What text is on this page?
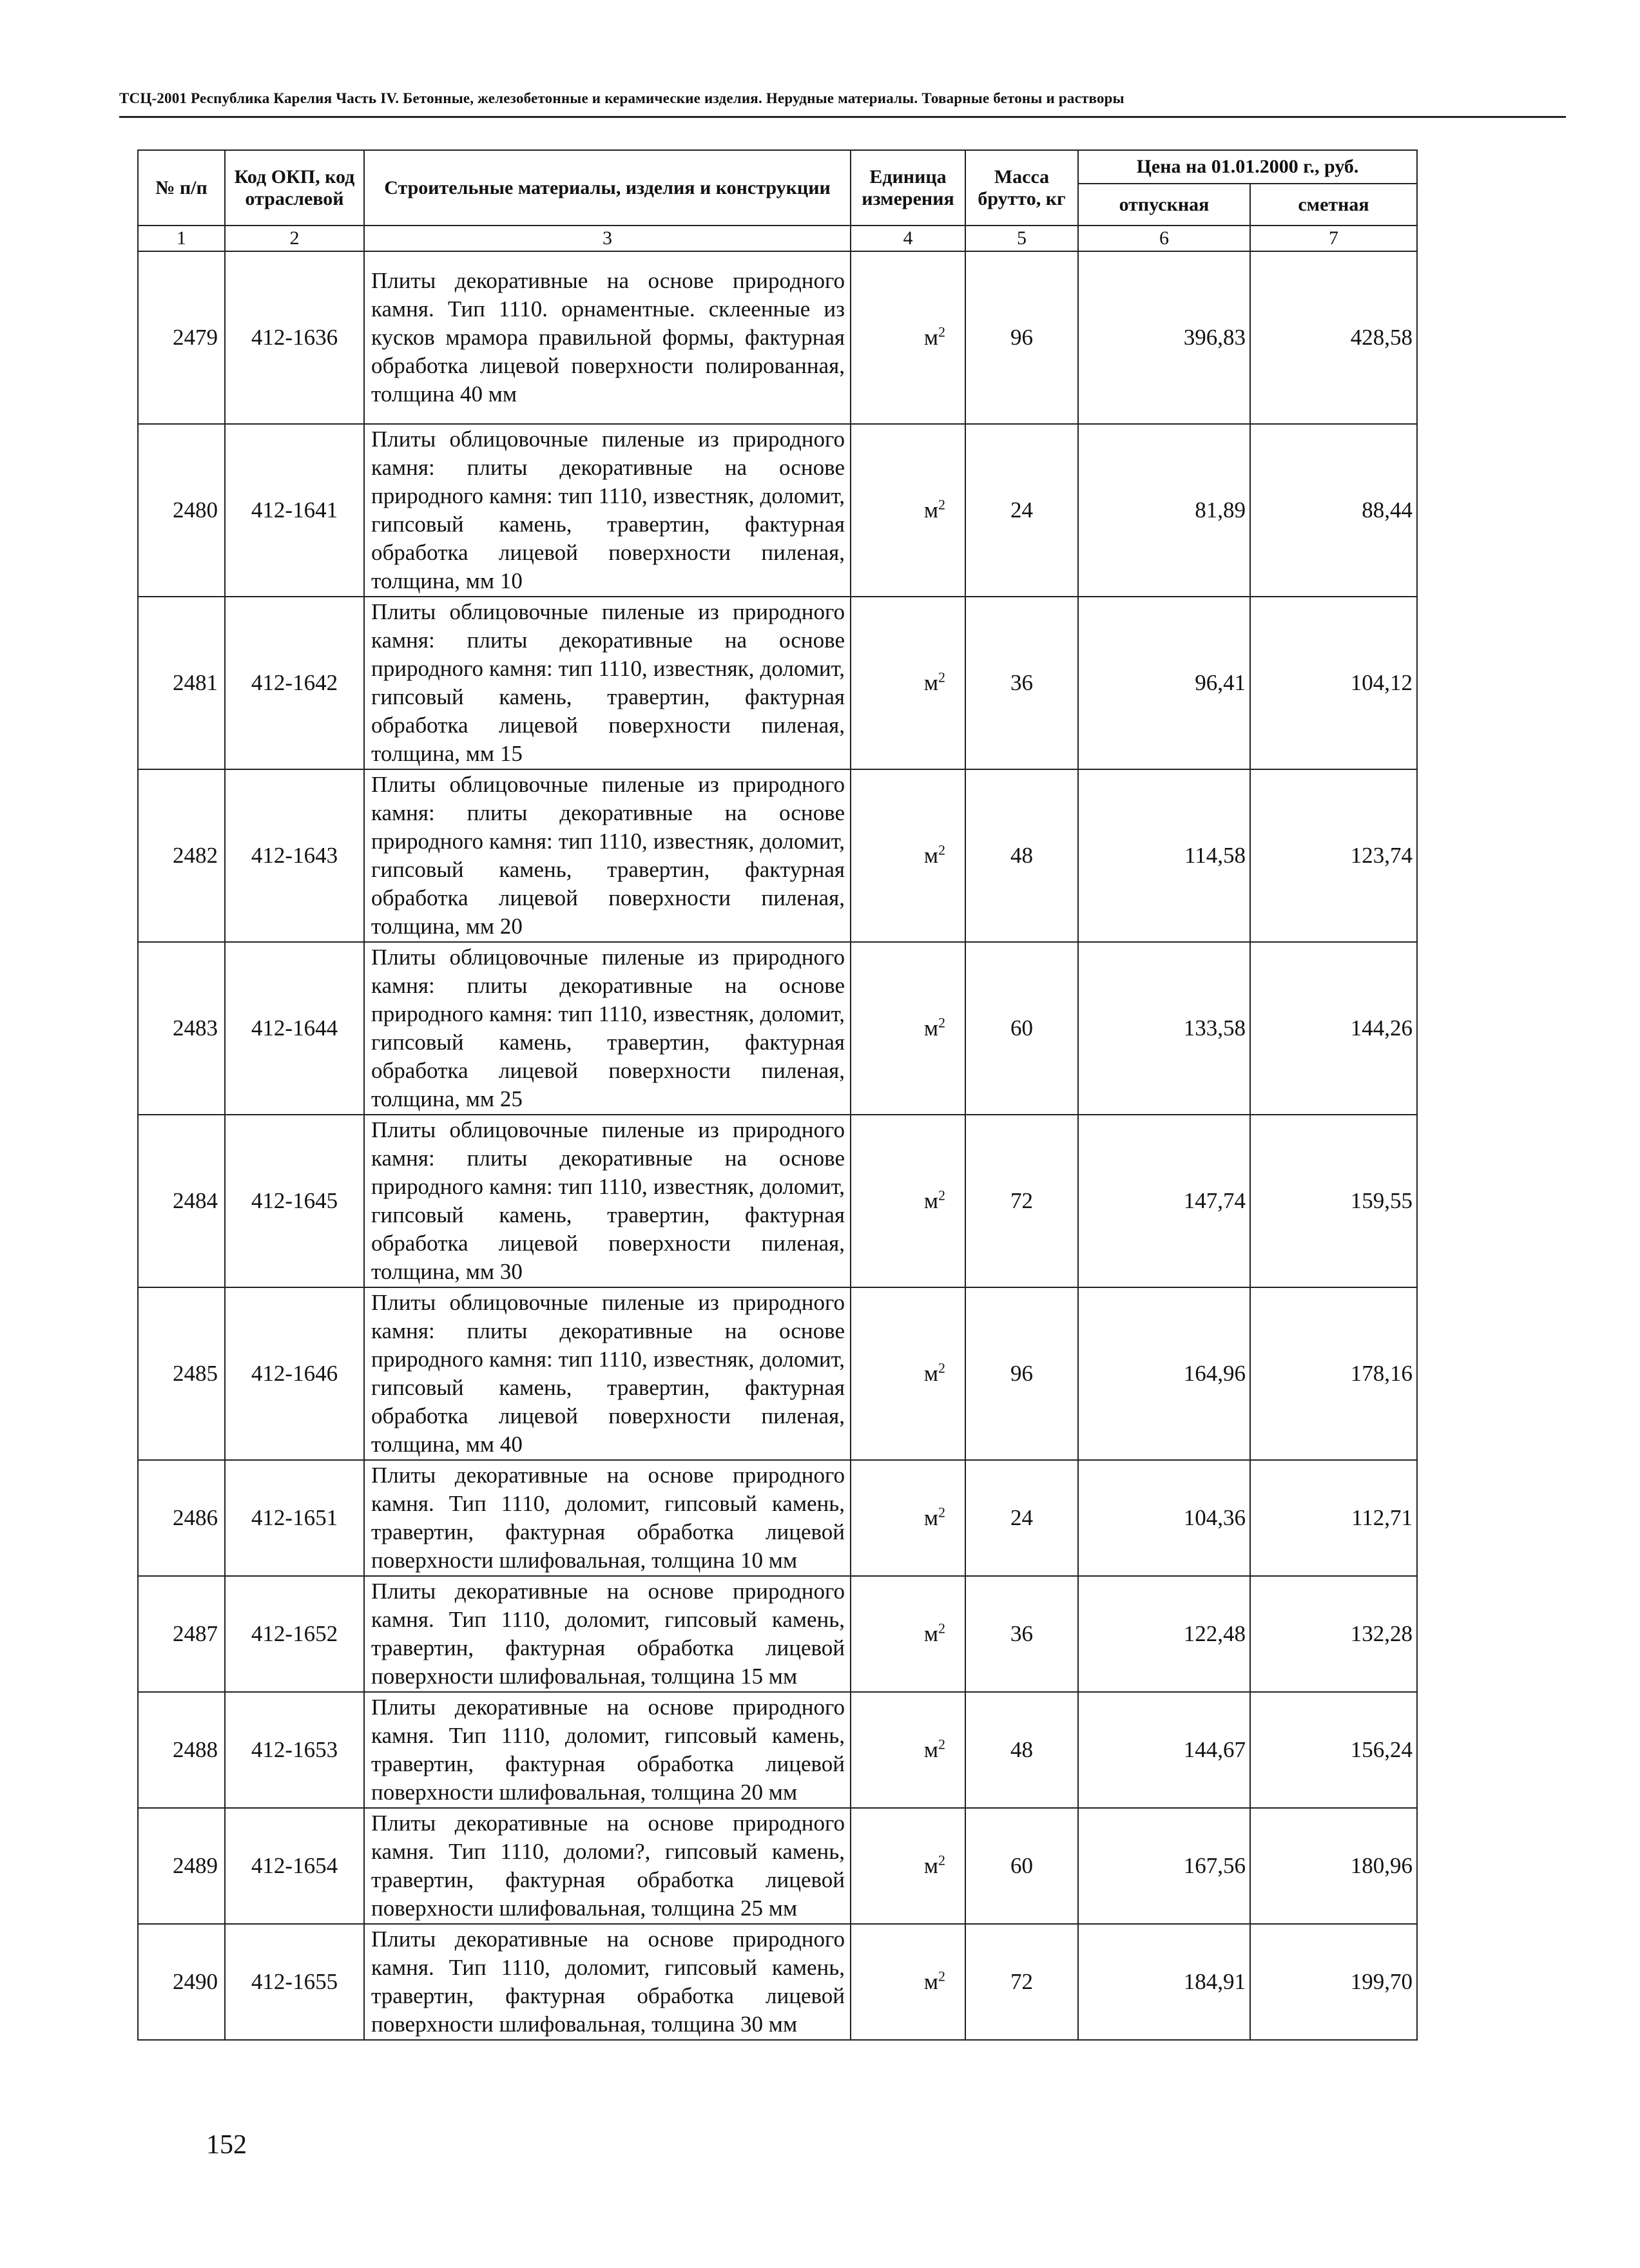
ТСЦ-2001 Республика Карелия Часть IV. Бетонные, железобетонные и керамические изделия. Нерудные материалы. Товарные бетоны и растворы
№ п/п	Код ОКП, код отраслевой	Строительные материалы, изделия и конструкции	Единица измерения	Масса брутто, кг	Цена на 01.01.2000 г., руб.	
					отпускная	сметная
1	2	3	4	5	6	7
2479	412-1636	Плиты декоративные на основе природного камня. Тип 1110. орнаментные. склеенные из кусков мрамора правильной формы, фактурная обработка лицевой поверхности полированная, толщина 40 мм	$м^2$	96	396,83	428,58
2480	412-1641	Плиты облицовочные пиленые из природного камня: плиты декоративные на основе природного камня: тип 1110, известняк, доломит, гипсовый камень, травертин, фактурная обработка лицевой поверхности пиленая, толщина, мм 10	$м^2$	24	81,89	88,44
2481	412-1642	Плиты облицовочные пиленые из природного камня: плиты декоративные на основе природного камня: тип 1110, известняк, доломит, гипсовый камень, травертин, фактурная обработка лицевой поверхности пиленая, толщина, мм 15	$м^2$	36	96,41	104,12
2482	412-1643	Плиты облицовочные пиленые из природного камня: плиты декоративные на основе природного камня: тип 1110, известняк, доломит, гипсовый камень, травертин, фактурная обработка лицевой поверхности пиленая, толщина, мм 20	$м^2$	48	114,58	123,74
2483	412-1644	Плиты облицовочные пиленые из природного камня: плиты декоративные на основе природного камня: тип 1110, известняк, доломит, гипсовый камень, травертин, фактурная обработка лицевой поверхности пиленая, толщина, мм 25	$м^2$	60	133,58	144,26
2484	412-1645	Плиты облицовочные пиленые из природного камня: плиты декоративные на основе природного камня: тип 1110, известняк, доломит, гипсовый камень, травертин, фактурная обработка лицевой поверхности пиленая, толщина, мм 30	$м^2$	72	147,74	159,55
2485	412-1646	Плиты облицовочные пиленые из природного камня: плиты декоративные на основе природного камня: тип 1110, известняк, доломит, гипсовый камень, травертин, фактурная обработка лицевой поверхности пиленая, толщина, мм 40	$м^2$	96	164,96	178,16
2486	412-1651	Плиты декоративные на основе природного камня. Тип 1110, доломит, гипсовый камень, травертин, фактурная обработка лицевой поверхности шлифовальная, толщина 10 мм	$м^2$	24	104,36	112,71
2487	412-1652	Плиты декоративные на основе природного камня. Тип 1110, доломит, гипсовый камень, травертин, фактурная обработка лицевой поверхности шлифовальная, толщина 15 мм	$м^2$	36	122,48	132,28
2488	412-1653	Плиты декоративные на основе природного камня. Тип 1110, доломит, гипсовый камень, травертин, фактурная обработка лицевой поверхности шлифовальная, толщина 20 мм	$м^2$	48	144,67	156,24
2489	412-1654	Плиты декоративные на основе природного камня. Тип 1110, доломи?, гипсовый камень, травертин, фактурная обработка лицевой поверхности шлифовальная, толщина 25 мм	$м^2$	60	167,56	180,96
2490	412-1655	Плиты декоративные на основе природного камня. Тип 1110, доломит, гипсовый камень, травертин, фактурная обработка лицевой поверхности шлифовальная, толщина 30 мм	$м^2$	72	184,91	199,70
152
